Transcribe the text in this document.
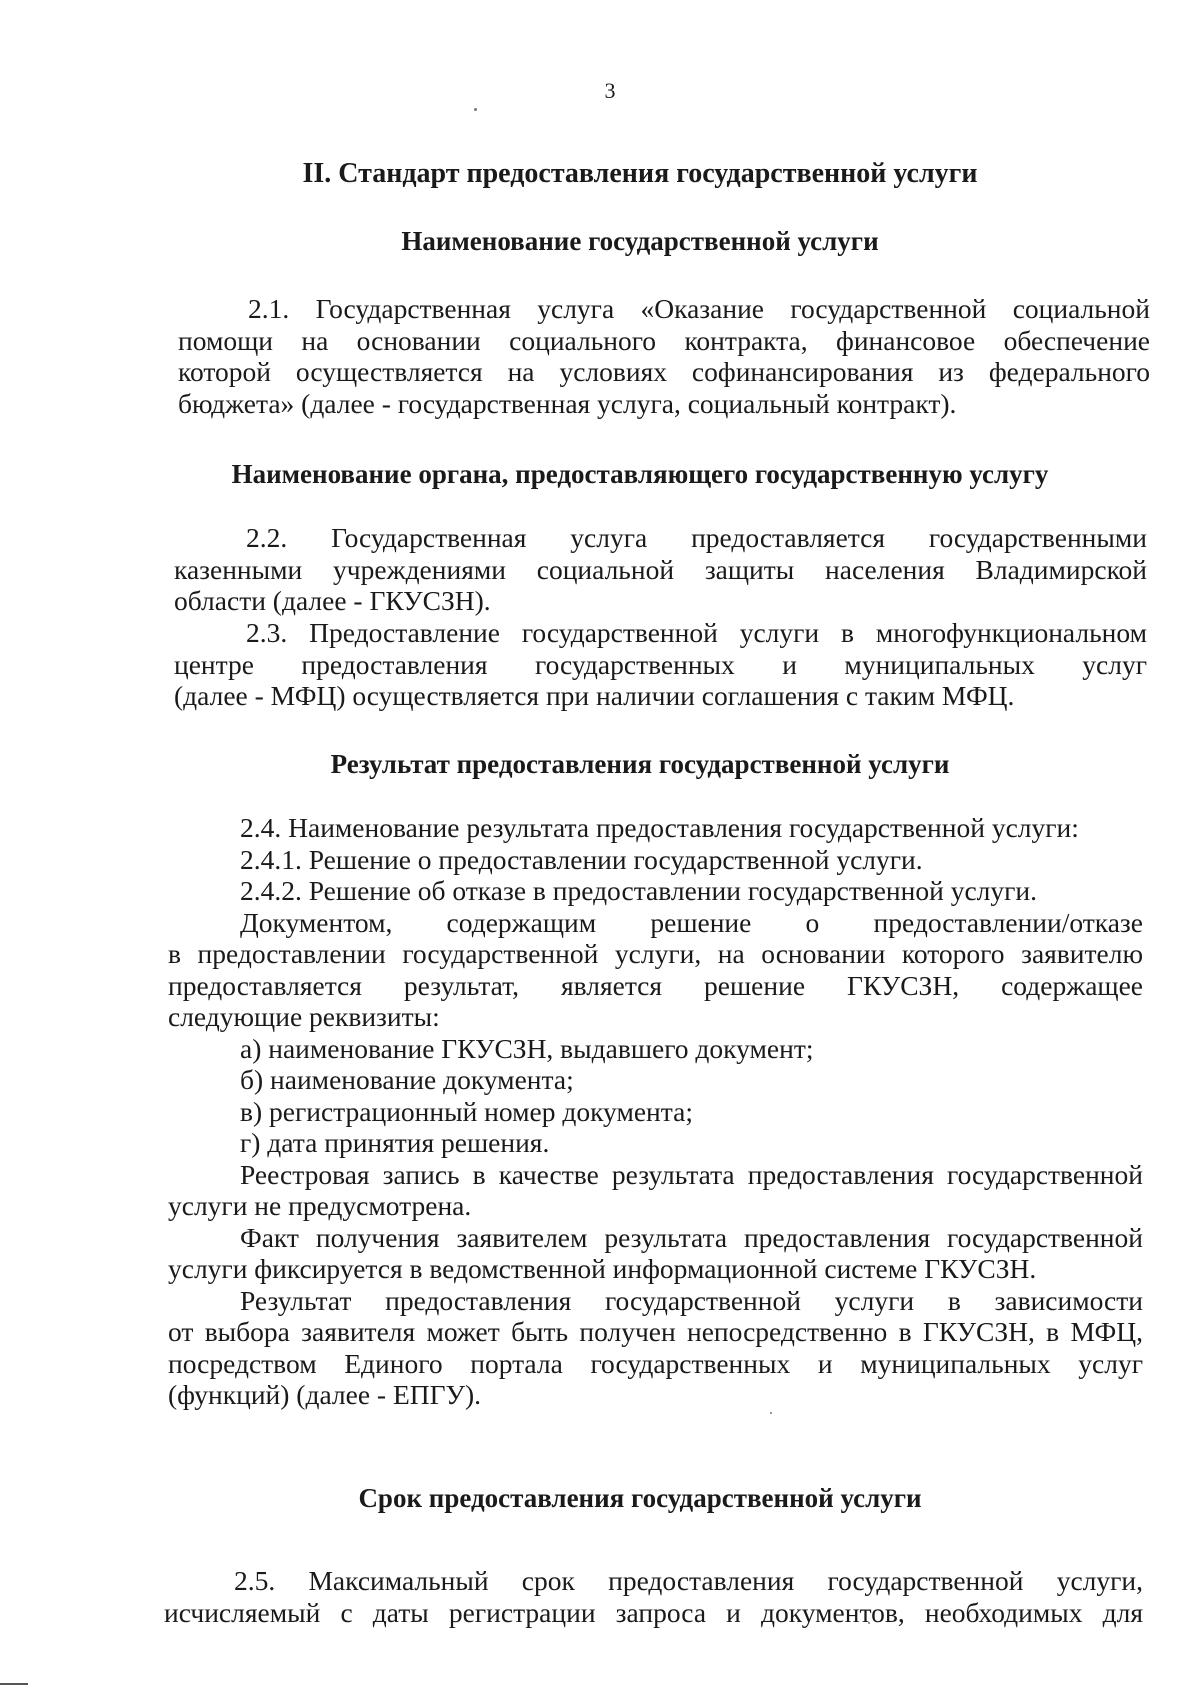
3
II. Стандарт предоставления государственной услуги
Наименование государственной услуги
2.1. Государственная услуга «Оказание государственной социальной
помощи на основании социального контракта, финансовое обеспечение
которой осуществляется на условиях софинансирования из федерального
бюджета» (далее - государственная услуга, социальный контракт).
Наименование органа, предоставляющего государственную услугу
2.2. Государственная услуга предоставляется государственными
казенными учреждениями социальной защиты населения Владимирской
области (далее - ГКУСЗН).
2.3. Предоставление государственной услуги в многофункциональном
центре предоставления государственных и муниципальных услуг
(далее - МФЦ) осуществляется при наличии соглашения с таким МФЦ.
Результат предоставления государственной услуги
2.4. Наименование результата предоставления государственной услуги:
2.4.1. Решение о предоставлении государственной услуги.
2.4.2. Решение об отказе в предоставлении государственной услуги.
Документом, содержащим решение о предоставлении/отказе
в предоставлении государственной услуги, на основании которого заявителю
предоставляется результат, является решение ГКУСЗН, содержащее
следующие реквизиты:
а) наименование ГКУСЗН, выдавшего документ;
б) наименование документа;
в) регистрационный номер документа;
г) дата принятия решения.
Реестровая запись в качестве результата предоставления государственной
услуги не предусмотрена.
Факт получения заявителем результата предоставления государственной
услуги фиксируется в ведомственной информационной системе ГКУСЗН.
Результат предоставления государственной услуги в зависимости
от выбора заявителя может быть получен непосредственно в ГКУСЗН, в МФЦ,
посредством Единого портала государственных и муниципальных услуг
(функций) (далее - ЕПГУ).
Срок предоставления государственной услуги
2.5. Максимальный срок предоставления государственной услуги,
исчисляемый с даты регистрации запроса и документов, необходимых для
